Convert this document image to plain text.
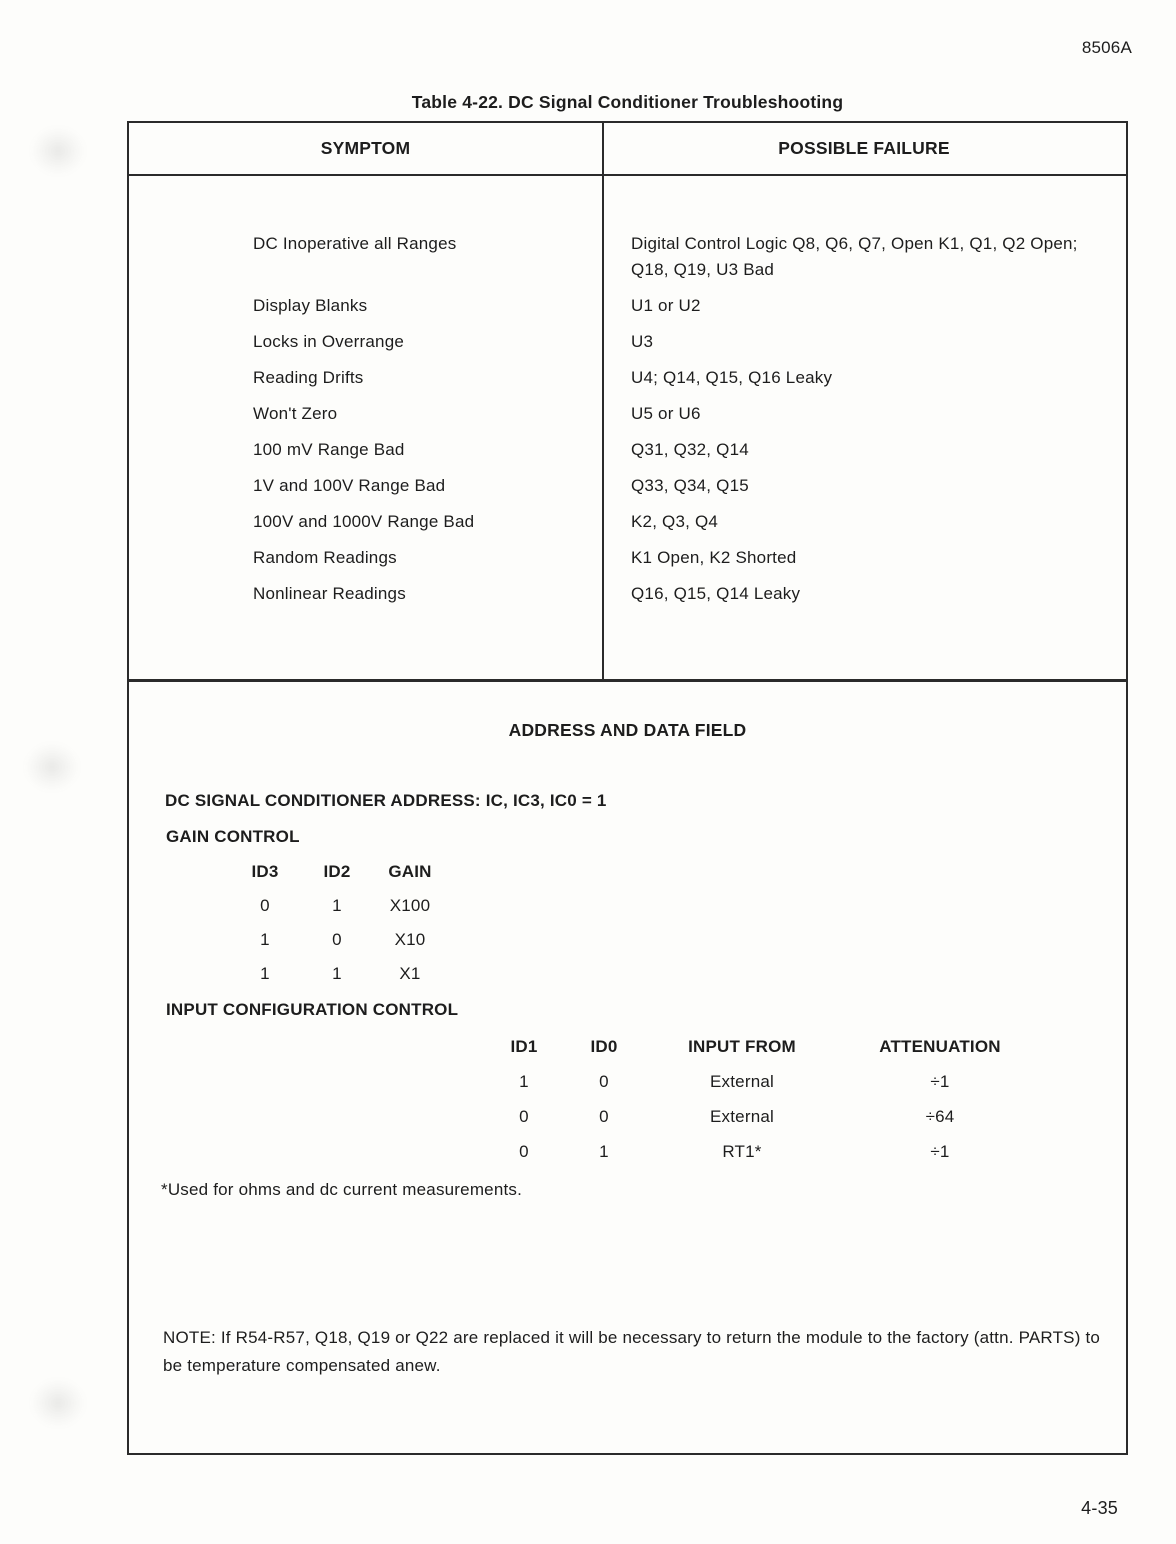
8506A
Table 4-22. DC Signal Conditioner Troubleshooting
SYMPTOM	POSSIBLE FAILURE
DC Inoperative all Ranges	Digital Control Logic Q8, Q6, Q7, Open K1, Q1, Q2 Open; Q18, Q19, U3 Bad
Display Blanks	U1 or U2
Locks in Overrange	U3
Reading Drifts	U4; Q14, Q15, Q16 Leaky
Won't Zero	U5 or U6
100 mV Range Bad	Q31, Q32, Q14
1V and 100V Range Bad	Q33, Q34, Q15
100V and 1000V Range Bad	K2, Q3, Q4
Random Readings	K1 Open, K2 Shorted
Nonlinear Readings	Q16, Q15, Q14 Leaky
ADDRESS AND DATA FIELD
DC SIGNAL CONDITIONER ADDRESS: IC, IC3, IC0 = 1
GAIN CONTROL
ID3	ID2	GAIN
0	1	X100
1	0	X10
1	1	X1
INPUT CONFIGURATION CONTROL
ID1	ID0	INPUT FROM	ATTENUATION
1	0	External	÷1
0	0	External	÷64
0	1	RT1*	÷1
*Used for ohms and dc current measurements.
NOTE: If R54-R57, Q18, Q19 or Q22 are replaced it will be necessary to return the module to the factory (attn. PARTS) to be temperature compensated anew.
4-35
